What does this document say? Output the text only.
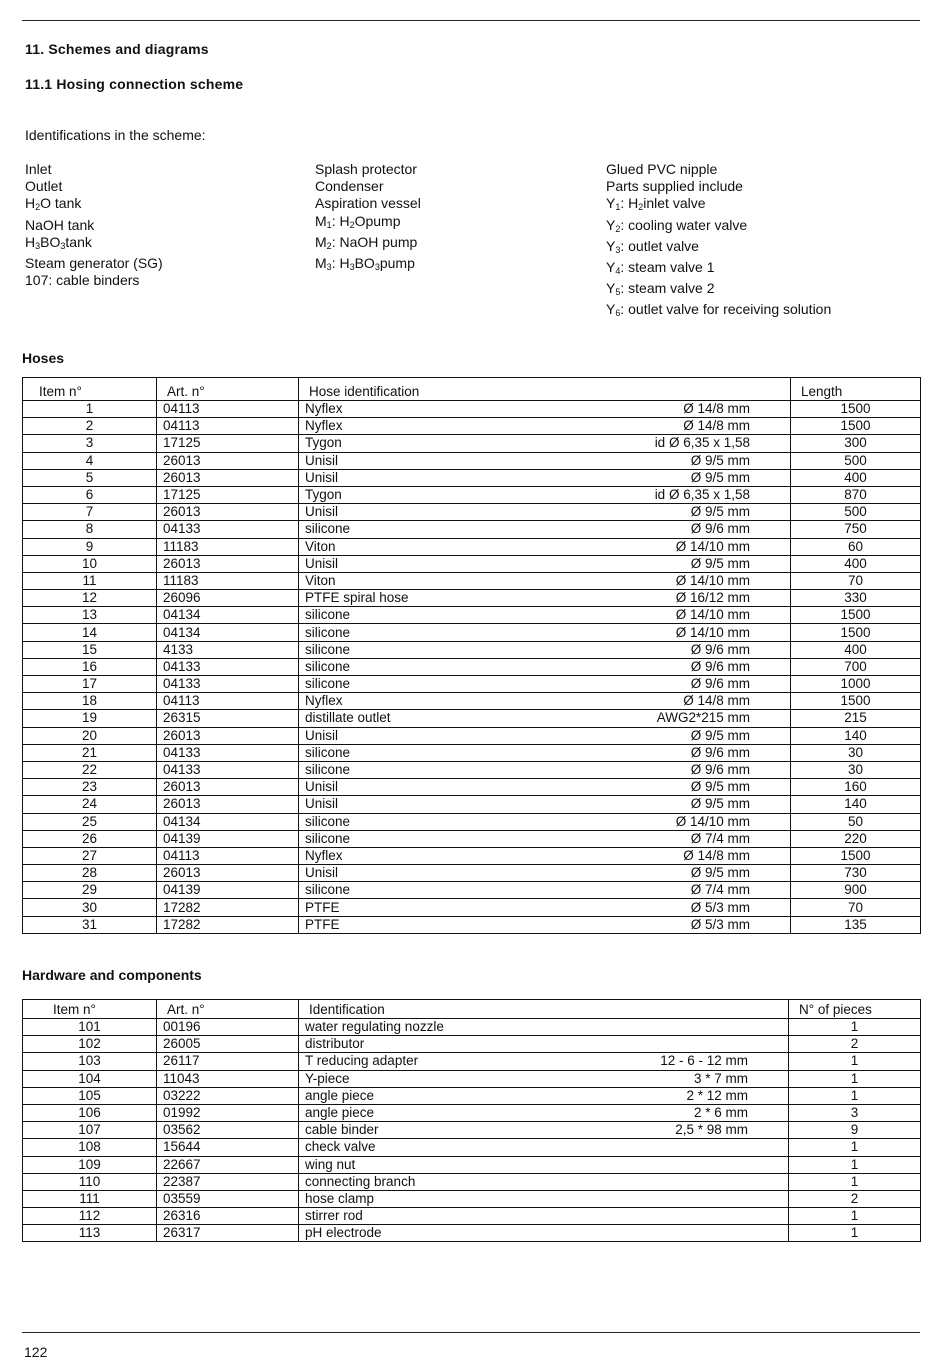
11. Schemes and diagrams
11.1 Hosing connection scheme
Identifications in the scheme:
Inlet
Outlet
$H_2O$ tank
NaOH tank
$H_3BO_3\tan k$
Steam generator (SG)
107: cable binders
Splash protector
Condenser
Aspiration vessel
$M_1$: $H_2Opump$
$M_2$: NaOH pump
$M_3$: $H_3BO_3pump$
Glued PVC nipple
Parts supplied include
$Y_1$: $H_2inlet$ valve
$Y_2$: cooling water valve
$Y_3$: outlet valve
$Y_4$: steam valve 1
$Y_5$: steam valve 2
$Y_6$: outlet valve for receiving solution
Hoses
Item n°	Art. n°	Hose identification	Length
1	04113	Nyflex Ø 14/8 mm	1500
2	04113	Nyflex Ø 14/8 mm	1500
3	17125	Tygon id Ø 6,35 x 1,58	300
4	26013	Unisil Ø 9/5 mm	500
5	26013	Unisil Ø 9/5 mm	400
6	17125	Tygon id Ø 6,35 x 1,58	870
7	26013	Unisil Ø 9/5 mm	500
8	04133	silicone Ø 9/6 mm	750
9	11183	Viton Ø 14/10 mm	60
10	26013	Unisil Ø 9/5 mm	400
11	11183	Viton Ø 14/10 mm	70
12	26096	PTFE spiral hose Ø 16/12 mm	330
13	04134	silicone Ø 14/10 mm	1500
14	04134	silicone Ø 14/10 mm	1500
15	4133	silicone Ø 9/6 mm	400
16	04133	silicone Ø 9/6 mm	700
17	04133	silicone Ø 9/6 mm	1000
18	04113	Nyflex Ø 14/8 mm	1500
19	26315	distillate outlet AWG2*215 mm	215
20	26013	Unisil Ø 9/5 mm	140
21	04133	silicone Ø 9/6 mm	30
22	04133	silicone Ø 9/6 mm	30
23	26013	Unisil Ø 9/5 mm	160
24	26013	Unisil Ø 9/5 mm	140
25	04134	silicone Ø 14/10 mm	50
26	04139	silicone Ø 7/4 mm	220
27	04113	Nyflex Ø 14/8 mm	1500
28	26013	Unisil Ø 9/5 mm	730
29	04139	silicone Ø 7/4 mm	900
30	17282	PTFE Ø 5/3 mm	70
31	17282	PTFE Ø 5/3 mm	135
Hardware and components
Item n°	Art. n°	Identification	N° of pieces
101	00196	water regulating nozzle	1
102	26005	distributor	2
103	26117	T reducing adapter 12 - 6 - 12 mm	1
104	11043	Y-piece 3 * 7 mm	1
105	03222	angle piece 2 * 12 mm	1
106	01992	angle piece 2 * 6 mm	3
107	03562	cable binder 2,5 * 98 mm	9
108	15644	check valve	1
109	22667	wing nut	1
110	22387	connecting branch	1
111	03559	hose clamp	2
112	26316	stirrer rod	1
113	26317	pH electrode	1
122
